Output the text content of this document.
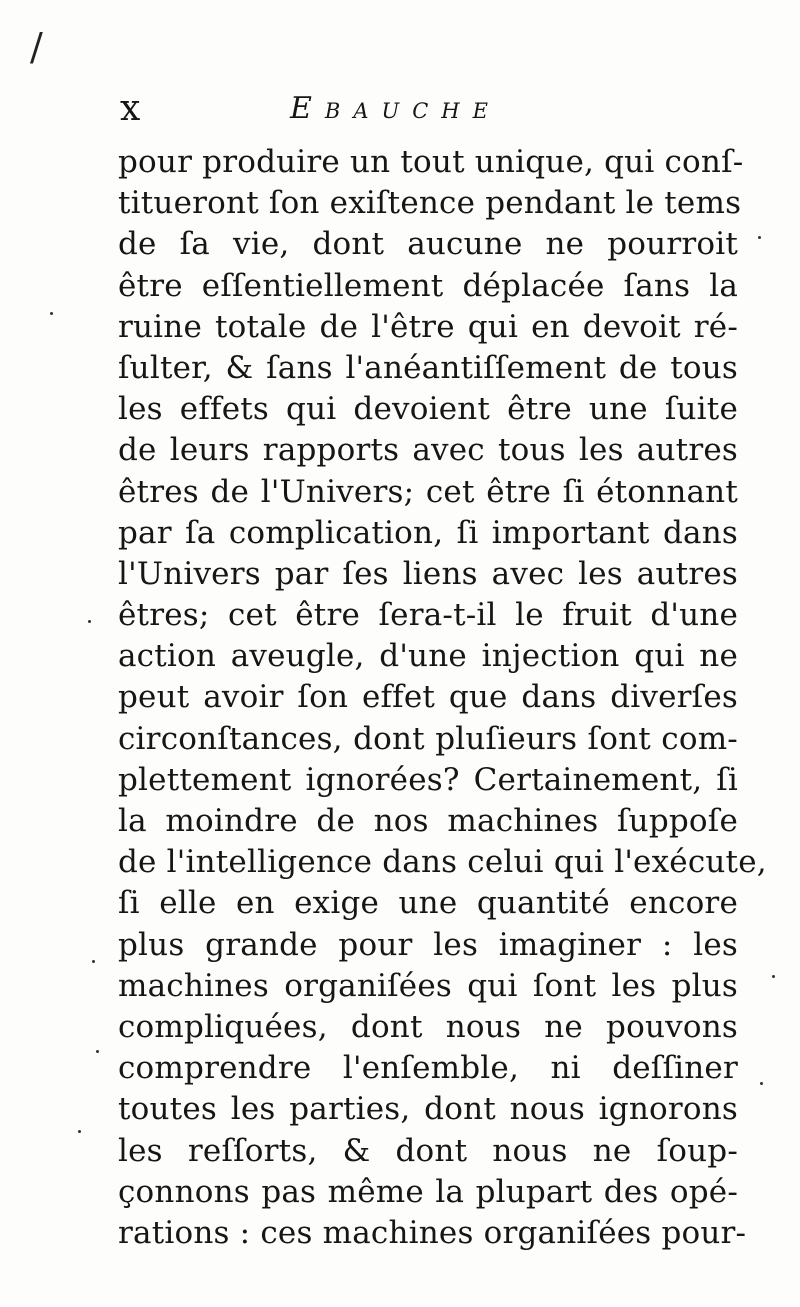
/
x	Ebauche
pour produire un tout unique, qui conſ-
titueront ſon exiſtence pendant le tems
de ſa vie, dont aucune ne pourroit
être eſſentiellement déplacée ſans la
ruine totale de l'être qui en devoit ré-
ſulter, & ſans l'anéantiſſement de tous
les effets qui devoient être une ſuite
de leurs rapports avec tous les autres
êtres de l'Univers; cet être ſi étonnant
par ſa complication, ſi important dans
l'Univers par ſes liens avec les autres
êtres; cet être ſera-t-il le fruit d'une
action aveugle, d'une injection qui ne
peut avoir ſon effet que dans diverſes
circonſtances, dont pluſieurs ſont com-
plettement ignorées? Certainement, ſi
la moindre de nos machines ſuppoſe
de l'intelligence dans celui qui l'exécute,
ſi elle en exige une quantité encore
plus grande pour les imaginer : les
machines organiſées qui ſont les plus
compliquées, dont nous ne pouvons
comprendre l'enſemble, ni deſſiner
toutes les parties, dont nous ignorons
les reſſorts, & dont nous ne ſoup-
çonnons pas même la plupart des opé-
rations : ces machines organiſées pour-
